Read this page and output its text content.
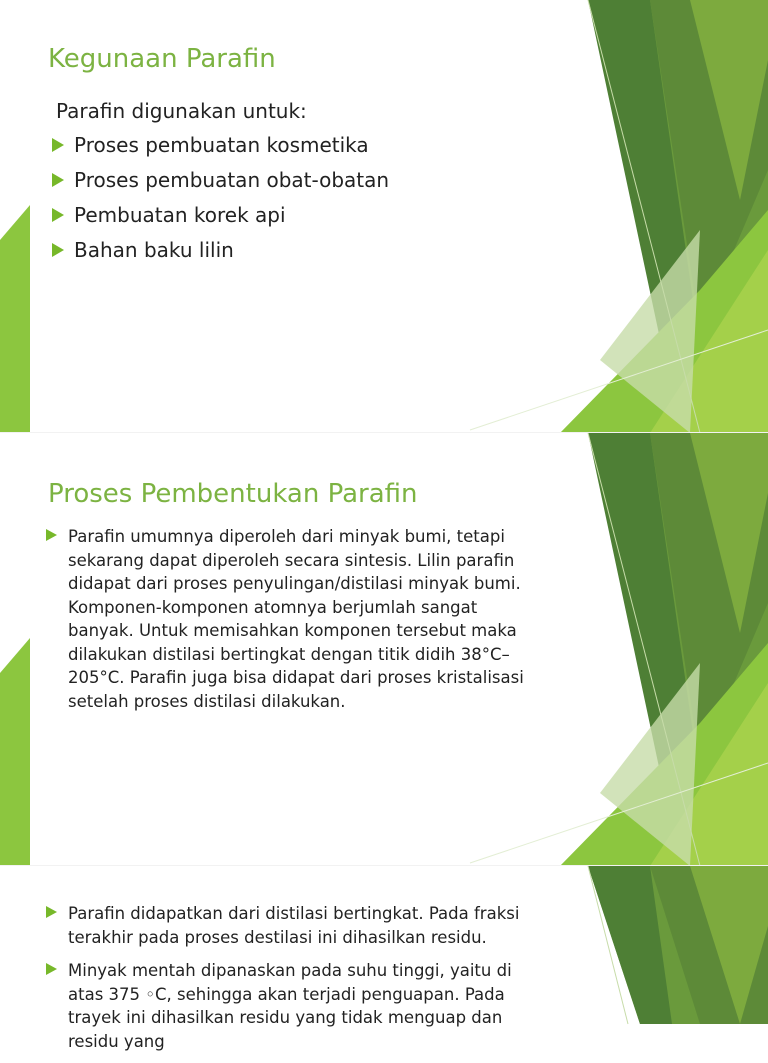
Kegunaan Parafin

Parafin digunakan untuk:

Proses pembuatan kosmetika
Proses pembuatan obat-obatan
Pembuatan korek api
Bahan baku lilin
Proses Pembentukan Parafin
Parafin umumnya diperoleh dari minyak bumi, tetapi sekarang dapat diperoleh secara sintesis. Lilin parafin didapat dari proses penyulingan/distilasi minyak bumi. Komponen-komponen atomnya berjumlah sangat banyak. Untuk memisahkan komponen tersebut maka dilakukan distilasi bertingkat dengan titik didih 38°C–205°C. Parafin juga bisa didapat dari proses kristalisasi setelah proses distilasi dilakukan.
Parafin didapatkan dari distilasi bertingkat. Pada fraksi terakhir pada proses destilasi ini dihasilkan residu.
Minyak mentah dipanaskan pada suhu tinggi, yaitu di atas 375 ◦C, sehingga akan terjadi penguapan. Pada trayek ini dihasilkan residu yang tidak menguap dan residu yang
